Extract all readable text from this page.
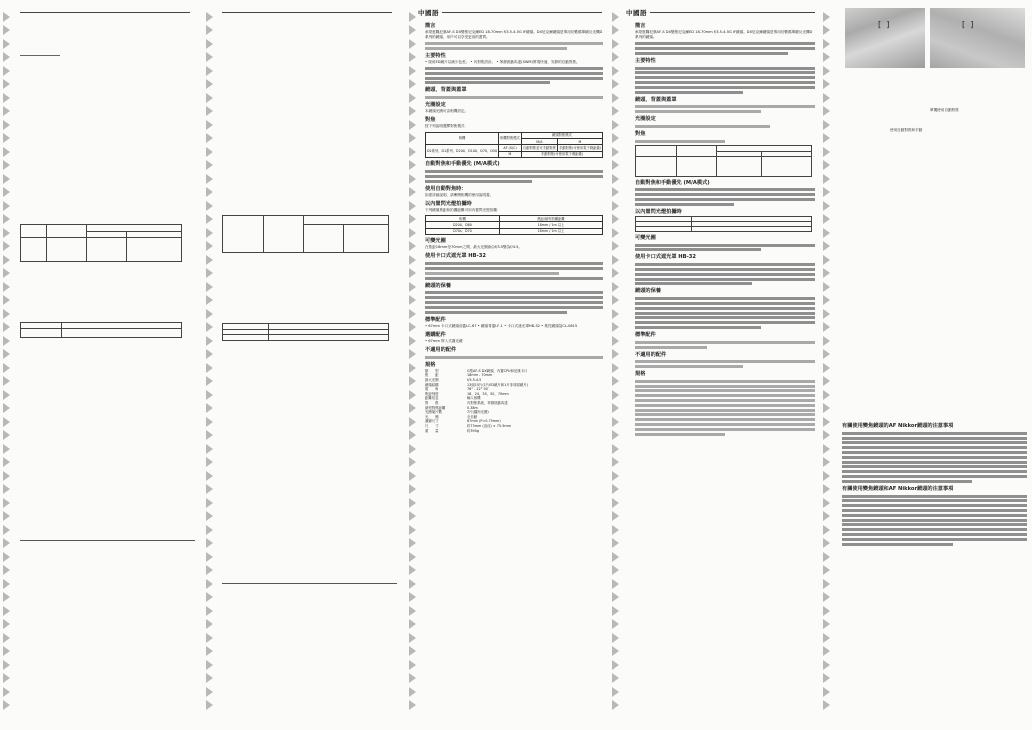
中國語
簡言
承蒙惠購尼康AF-S DX變焦尼克爾ED 18-70mm f/3.5-4.5G IF鏡頭。DX尼克爾鏡頭是專用於數碼單鏡反光機D系列的鏡頭，用戶可以享受更高的畫質。
主要特性
• 採用ED鏡片以減少色差。 • 內對焦設計。 • 寧靜波動馬達(SWM)實現快速、安靜的自動對焦。
鏡頭、背蓋與蓋罩
光圈設定
本鏡頭光圈可由相機設定。
對焦
按下列說明選擇對焦模式：
相機	相機對焦模式	鏡頭對焦模式	
		M/A	M
D2系列、D1系列、D200、D100、D70、D50	AF (S/C)	自動對焦並可手動對焦	手動對焦(可使用電子測距儀)
	M	手動對焦(可使用電子測距儀)	
自動對焦和手動優先 (M/A模式)
使用自動對焦時：
如需詳細說明，請參閱相機的使用說明書。
以內置閃光燈拍攝時
下列鏡頭焦距和拍攝距離可用內置閃光燈拍攝：
相機	焦距/最短拍攝距離
D200、D80	18mm / 1m 以上
D70s、D70	18mm / 1m 以上
可變光圈
在焦距18mm至70mm之間，最大光圈會由f/3.5變為f/4.5。
使用卡口式遮光罩 HB-32
鏡頭的保養
標準配件
• 67mm 卡口式鏡頭前蓋LC-67 • 鏡頭背蓋LF-1 • 卡口式遮光罩HB-32 • 柔性鏡頭袋CL-0815
選購配件
• 67mm 擰入式濾光鏡
不適用的配件
規格
類　　型	G型AF-S DX鏡頭，內置CPU和尼康卡口
焦　　距	18mm - 70mm
最大光圈	f/3.5-4.5
鏡頭結構	13組15片(1片ED鏡片和1片非球面鏡片)
視　　角	76° - 22° 50′
焦距刻度	18、24、35、50、70mm
距離信息	輸入相機
對　　焦	內對焦系統，寧靜波動馬達
最短對焦距離	0.38m
光圈葉片數	7片(圓形光圈)
光　　圈	全自動
濾鏡尺寸	67mm (P=0.75mm)
尺　　寸	約73mm (直徑) × 75.5mm
重　　量	約390g
中國語
簡言
承蒙惠購尼康AF-S DX變焦尼克爾ED 18-70mm f/3.5-4.5G IF鏡頭。DX尼克爾鏡頭是專用於數碼單鏡反光機D系列的鏡頭。
主要特性
鏡頭、背蓋與蓋罩
光圈設定
對焦
自動對焦和手動優先 (M/A模式)
以內置閃光燈拍攝時
可變光圈
使用卡口式遮光罩 HB-32
鏡頭的保養
標準配件
不適用的配件
規格
[  ]	[  ]
單獨使用自動對焦
使用自動對焦和手動
有關使用變焦鏡頭的AF Nikkor鏡頭的注意事項
有關使用變焦鏡頭和AF Nikkor鏡頭的注意事項
